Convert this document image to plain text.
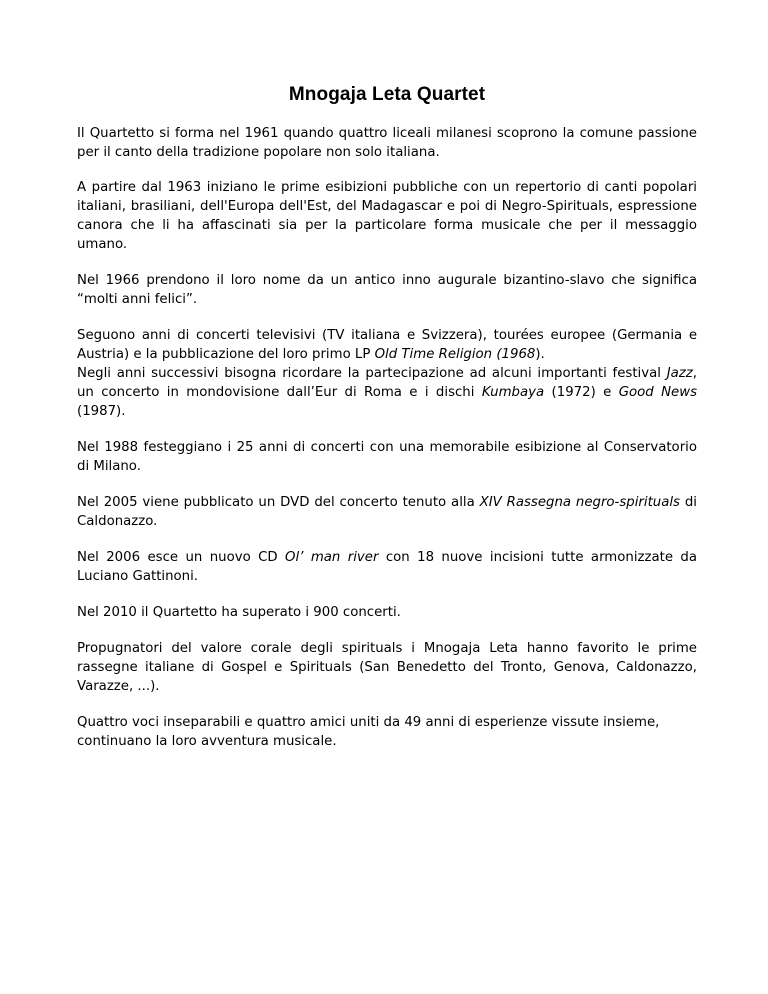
Mnogaja Leta Quartet

Il Quartetto si forma nel 1961 quando quattro liceali milanesi scoprono la comune passione per il canto della tradizione popolare non solo italiana.

A partire dal 1963 iniziano le prime esibizioni pubbliche con un repertorio di canti popolari italiani, brasiliani, dell'Europa dell'Est, del Madagascar e poi di Negro-Spirituals, espressione canora che li ha affascinati sia per la particolare forma musicale che per il messaggio umano.

Nel 1966 prendono il loro nome da un antico inno augurale bizantino-slavo che significa “molti anni felici”.

Seguono anni di concerti televisivi (TV italiana e Svizzera), tourées europee (Germania e Austria) e la pubblicazione del loro primo LP Old Time Religion (1968).

Negli anni successivi bisogna ricordare la partecipazione ad alcuni importanti festival Jazz, un concerto in mondovisione dall’Eur di Roma e i dischi Kumbaya (1972) e Good News (1987).

Nel 1988 festeggiano i 25 anni di concerti con una memorabile esibizione al Conservatorio di Milano.

Nel 2005 viene pubblicato un DVD del concerto tenuto alla XIV Rassegna negro-spirituals di Caldonazzo.

Nel 2006 esce un nuovo CD Ol’ man river con 18 nuove incisioni tutte armonizzate da Luciano Gattinoni.

Nel 2010 il Quartetto ha superato i 900 concerti.

Propugnatori del valore corale degli spirituals i Mnogaja Leta hanno favorito le prime rassegne italiane di Gospel e Spirituals (San Benedetto del Tronto, Genova, Caldonazzo, Varazze, ...).

Quattro voci inseparabili e quattro amici uniti da 49 anni di esperienze vissute insieme, continuano la loro avventura musicale.
